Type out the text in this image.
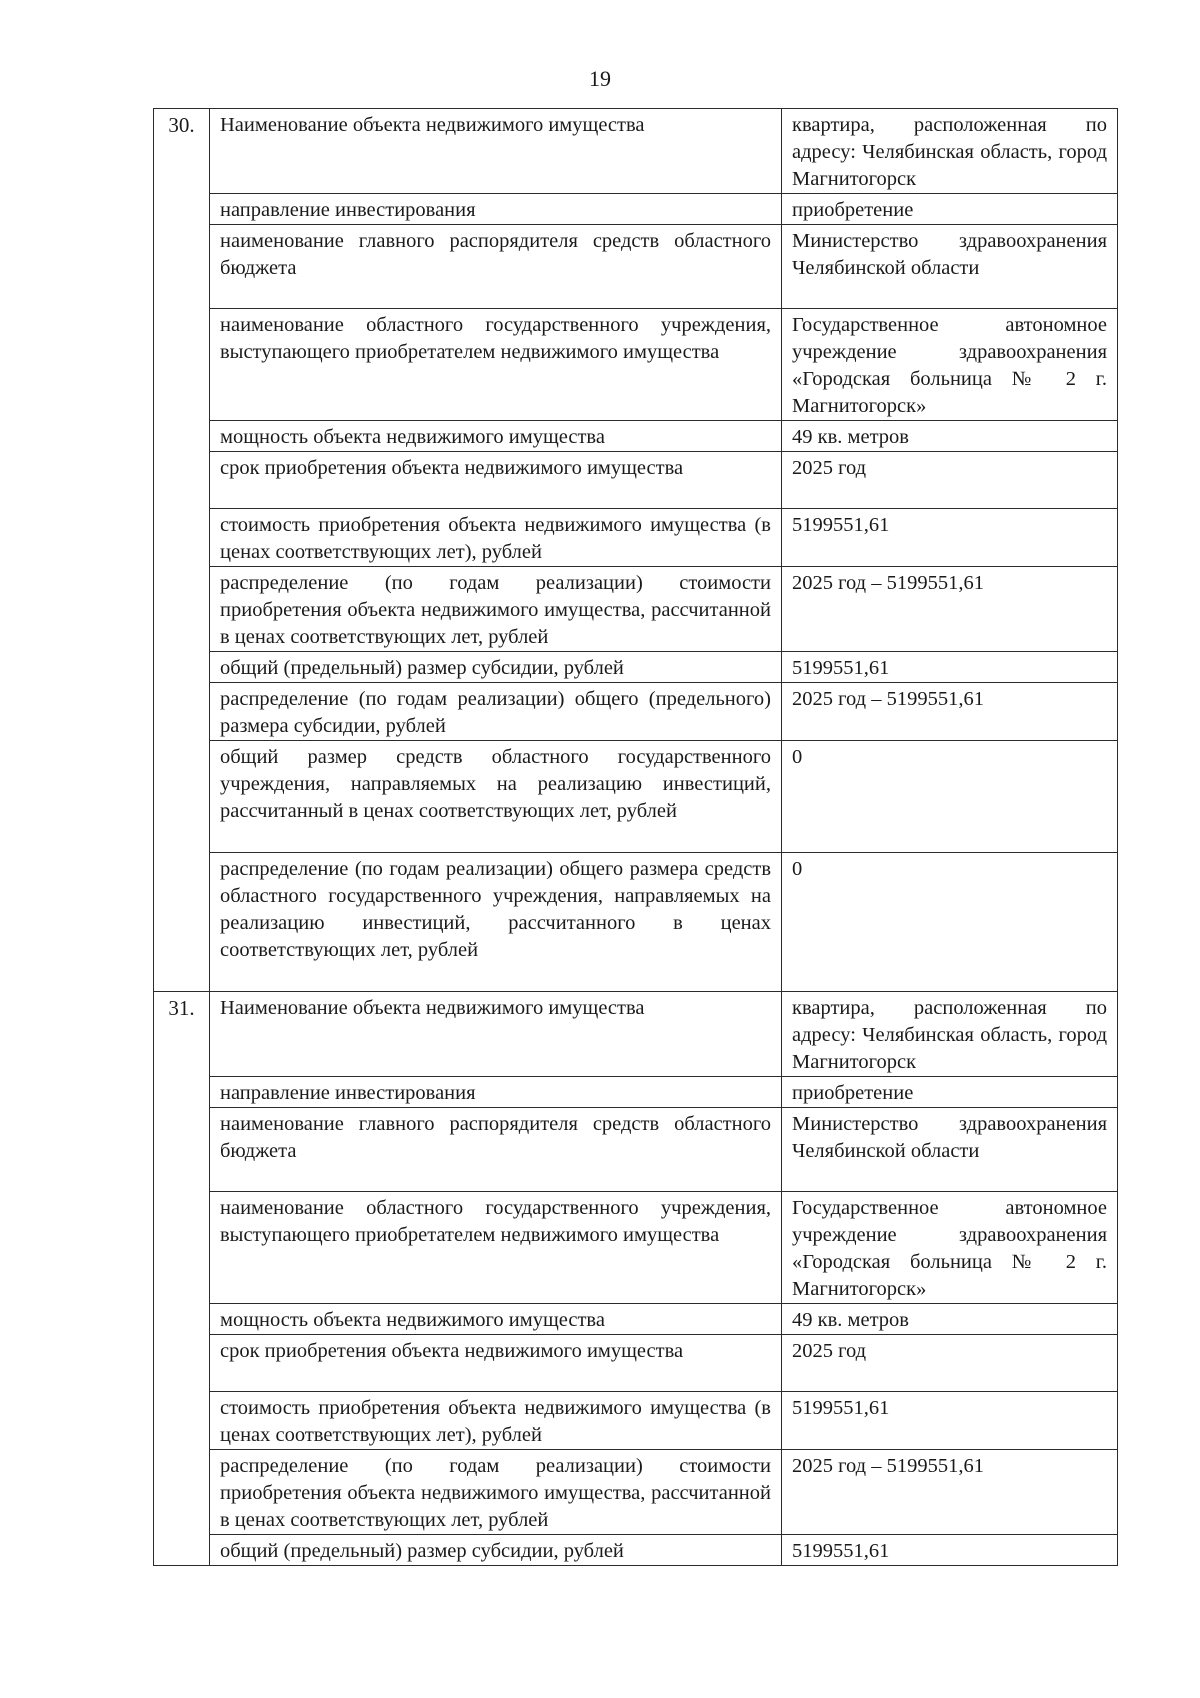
19
30.	Наименование объекта недвижимого имущества	квартира, расположенная по адресу: Челябинская область, город Магнитогорск
	направление инвестирования	приобретение
	наименование главного распорядителя средств областного бюджета	Министерство здравоохранения Челябинской области
	наименование областного государственного учреждения, выступающего приобретателем недвижимого имущества	Государственное автономное учреждение здравоохранения «Городская больница № 2 г. Магнитогорск»
	мощность объекта недвижимого имущества	49 кв. метров
	срок приобретения объекта недвижимого имущества	2025 год
	стоимость приобретения объекта недвижимого имущества (в ценах соответствующих лет), рублей	5199551,61
	распределение (по годам реализации) стоимости приобретения объекта недвижимого имущества, рассчитанной в ценах соответствующих лет, рублей	2025 год – 5199551,61
	общий (предельный) размер субсидии, рублей	5199551,61
	распределение (по годам реализации) общего (предельного) размера субсидии, рублей	2025 год – 5199551,61
	общий размер средств областного государственного учреждения, направляемых на реализацию инвестиций, рассчитанный в ценах соответствующих лет, рублей	0
	распределение (по годам реализации) общего размера средств областного государственного учреждения, направляемых на реализацию инвестиций, рассчитанного в ценах соответствующих лет, рублей	0
31.	Наименование объекта недвижимого имущества	квартира, расположенная по адресу: Челябинская область, город Магнитогорск
	направление инвестирования	приобретение
	наименование главного распорядителя средств областного бюджета	Министерство здравоохранения Челябинской области
	наименование областного государственного учреждения, выступающего приобретателем недвижимого имущества	Государственное автономное учреждение здравоохранения «Городская больница № 2 г. Магнитогорск»
	мощность объекта недвижимого имущества	49 кв. метров
	срок приобретения объекта недвижимого имущества	2025 год
	стоимость приобретения объекта недвижимого имущества (в ценах соответствующих лет), рублей	5199551,61
	распределение (по годам реализации) стоимости приобретения объекта недвижимого имущества, рассчитанной в ценах соответствующих лет, рублей	2025 год – 5199551,61
	общий (предельный) размер субсидии, рублей	5199551,61
